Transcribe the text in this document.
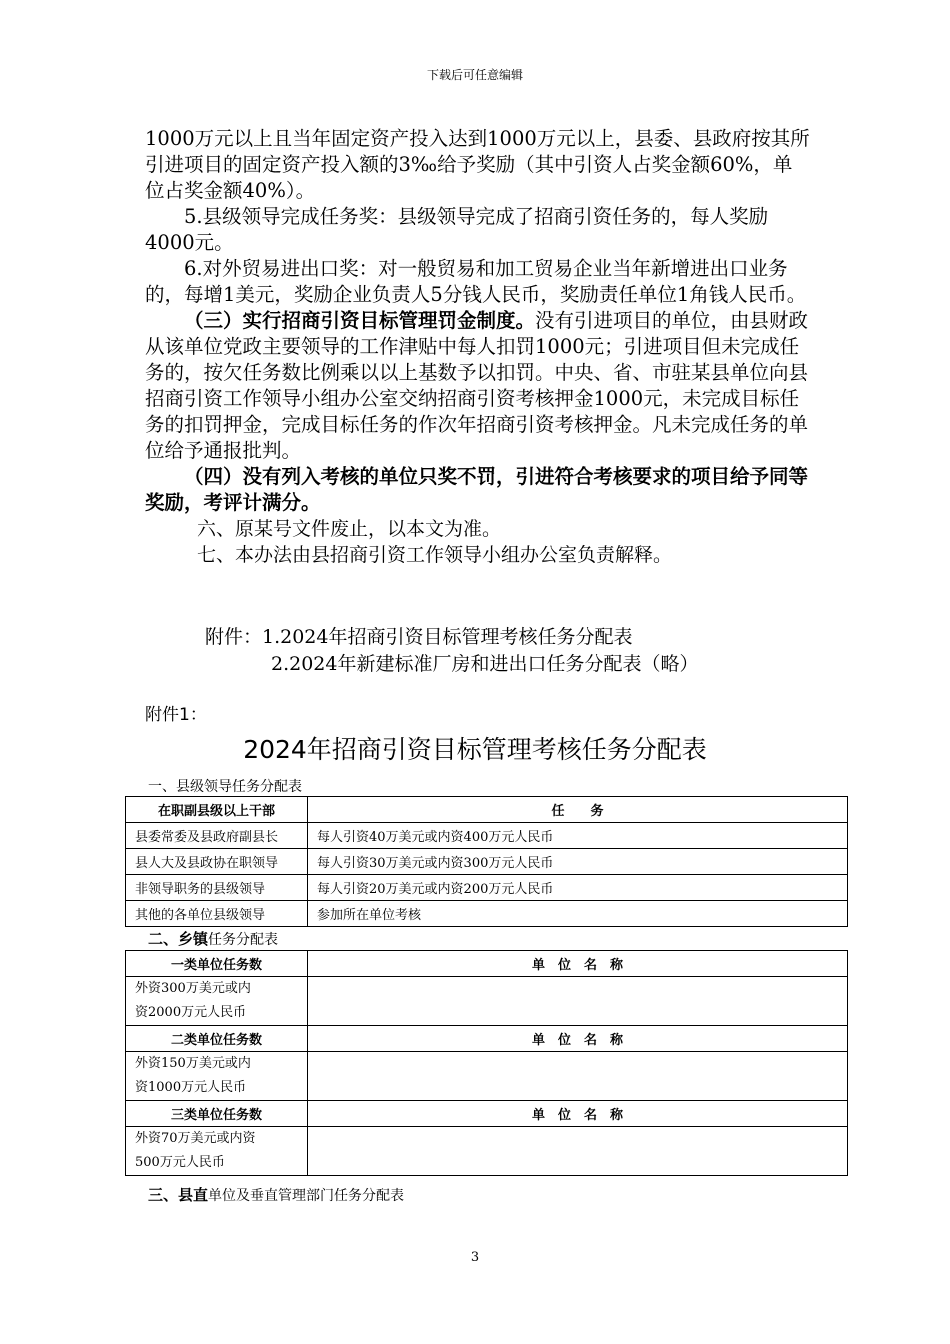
下载后可任意编辑

1000万元以上且当年固定资产投入达到1000万元以上，县委、县政府按其所引进项目的固定资产投入额的3‰给予奖励（其中引资人占奖金额60%，单位占奖金额40%）。

5.县级领导完成任务奖：县级领导完成了招商引资任务的，每人奖励4000元。

6.对外贸易进出口奖：对一般贸易和加工贸易企业当年新增进出口业务的，每增1美元，奖励企业负责人5分钱人民币，奖励责任单位1角钱人民币。

（三）实行招商引资目标管理罚金制度。没有引进项目的单位，由县财政从该单位党政主要领导的工作津贴中每人扣罚1000元；引进项目但未完成任务的，按欠任务数比例乘以以上基数予以扣罚。中央、省、市驻某县单位向县招商引资工作领导小组办公室交纳招商引资考核押金1000元，未完成目标任务的扣罚押金，完成目标任务的作次年招商引资考核押金。凡未完成任务的单位给予通报批判。

（四）没有列入考核的单位只奖不罚，引进符合考核要求的项目给予同等奖励，考评计满分。

六、原某号文件废止，以本文为准。

七、本办法由县招商引资工作领导小组办公室负责解释。

附件：1.2024年招商引资目标管理考核任务分配表
2.2024年新建标准厂房和进出口任务分配表（略）
附件1：
2024年招商引资目标管理考核任务分配表
一、县级领导任务分配表
在职副县级以上干部	任　　务
县委常委及县政府副县长	每人引资40万美元或内资400万元人民币
县人大及县政协在职领导	每人引资30万美元或内资300万元人民币
非领导职务的县级领导	每人引资20万美元或内资200万元人民币
其他的各单位县级领导	参加所在单位考核
二、乡镇任务分配表
一类单位任务数	单　位　名　称
外资300万美元或内
资2000万元人民币	
二类单位任务数	单　位　名　称
外资150万美元或内
资1000万元人民币	
三类单位任务数	单　位　名　称
外资70万美元或内资
500万元人民币	
三、县直单位及垂直管理部门任务分配表
3
